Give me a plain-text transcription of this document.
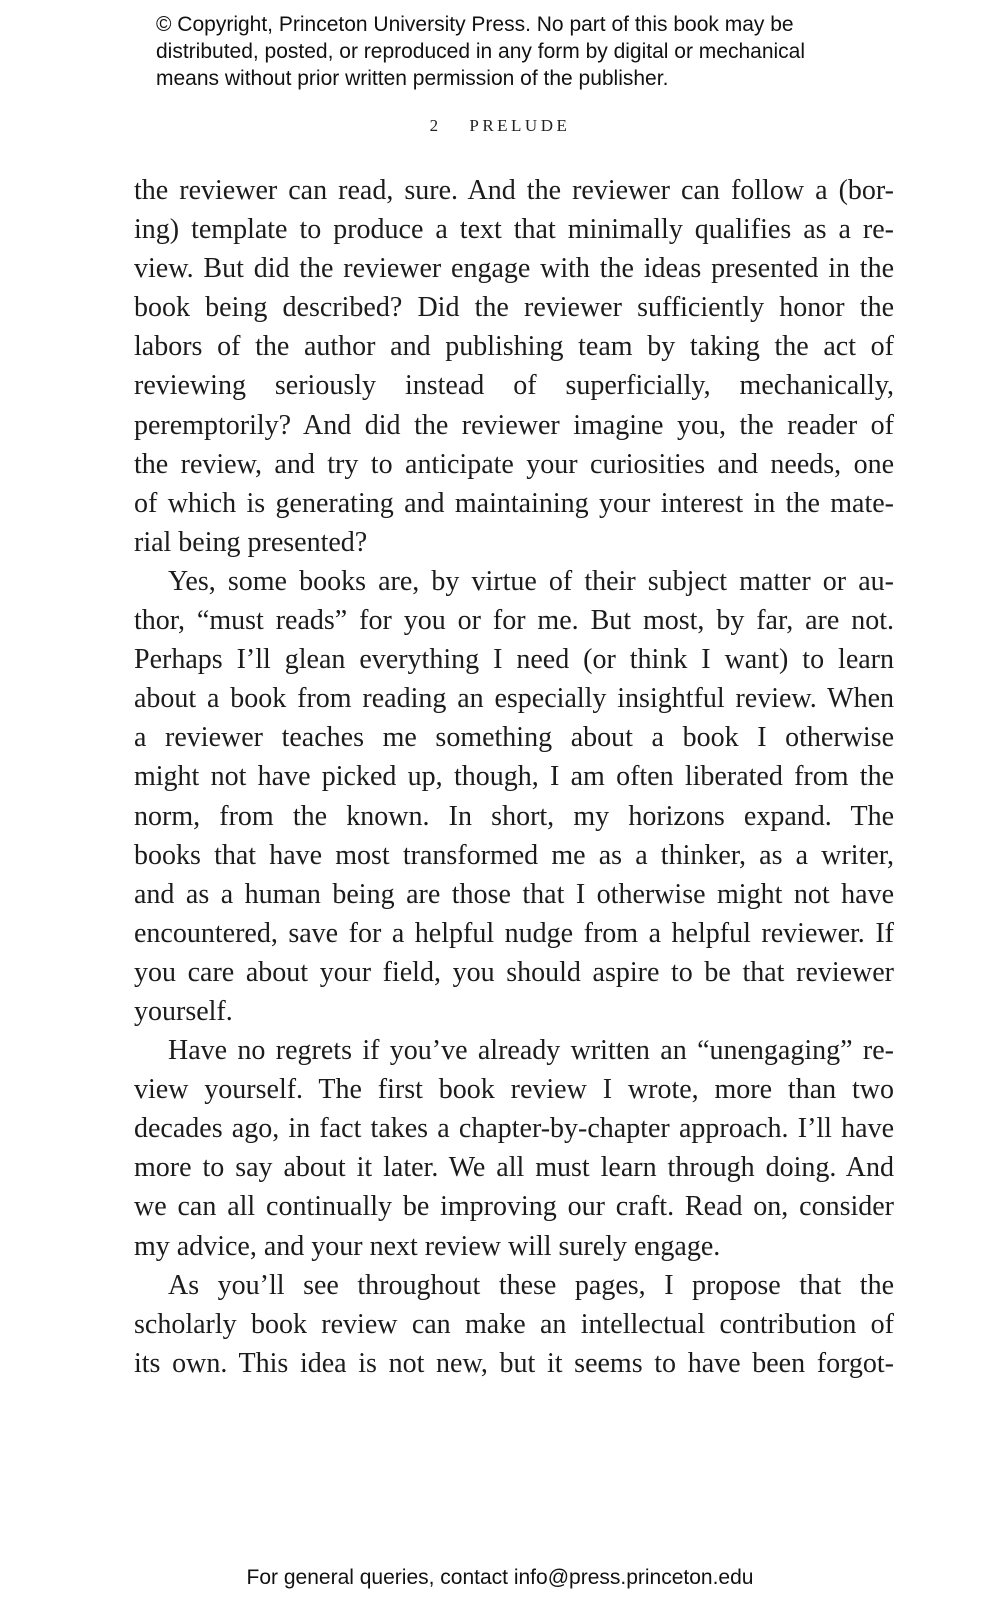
© Copyright, Princeton University Press. No part of this book may be
distributed, posted, or reproduced in any form by digital or mechanical
means without prior written permission of the publisher.
2 PRELUDE
the reviewer can read, sure. And the reviewer can follow a (bor-
ing) template to produce a text that minimally qualifies as a re-
view. But did the reviewer engage with the ideas presented in the
book being described? Did the reviewer sufficiently honor the
labors of the author and publishing team by taking the act of
reviewing seriously instead of superficially, mechanically,
peremptorily? And did the reviewer imagine you, the reader of
the review, and try to anticipate your curiosities and needs, one
of which is generating and maintaining your interest in the mate-
rial being presented?
Yes, some books are, by virtue of their subject matter or au-
thor, “must reads” for you or for me. But most, by far, are not.
Perhaps I’ll glean everything I need (or think I want) to learn
about a book from reading an especially insightful review. When
a reviewer teaches me something about a book I otherwise
might not have picked up, though, I am often liberated from the
norm, from the known. In short, my horizons expand. The
books that have most transformed me as a thinker, as a writer,
and as a human being are those that I otherwise might not have
encountered, save for a helpful nudge from a helpful reviewer. If
you care about your field, you should aspire to be that reviewer
yourself.
Have no regrets if you’ve already written an “unengaging” re-
view yourself. The first book review I wrote, more than two
decades ago, in fact takes a chapter-by-chapter approach. I’ll have
more to say about it later. We all must learn through doing. And
we can all continually be improving our craft. Read on, consider
my advice, and your next review will surely engage.
As you’ll see throughout these pages, I propose that the
scholarly book review can make an intellectual contribution of
its own. This idea is not new, but it seems to have been forgot-
For general queries, contact info@press.princeton.edu
